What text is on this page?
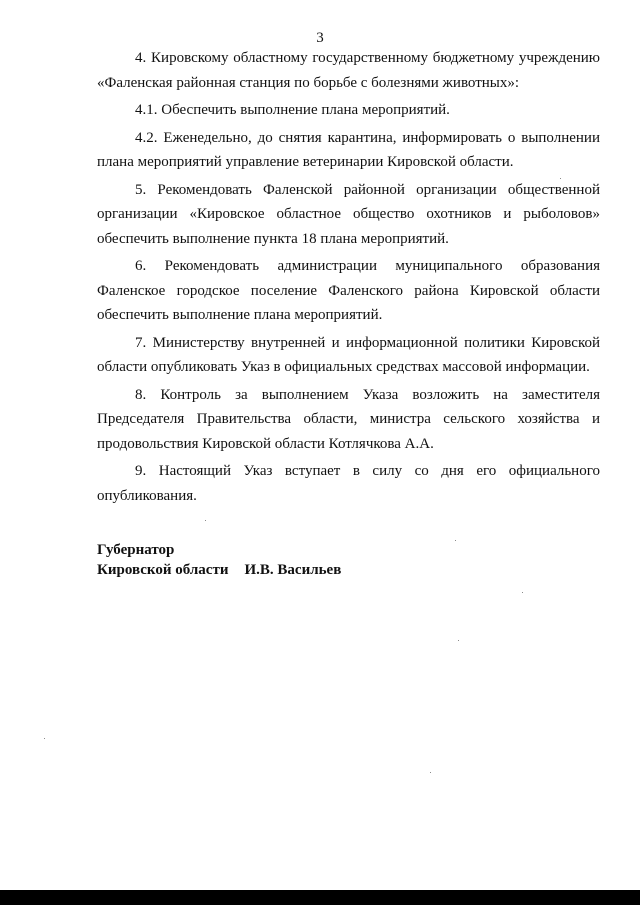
3

4. Кировскому областному государственному бюджетному учреждению «Фаленская районная станция по борьбе с болезнями животных»:

4.1. Обеспечить выполнение плана мероприятий.

4.2. Еженедельно, до снятия карантина, информировать о выполнении плана мероприятий управление ветеринарии Кировской области.

5. Рекомендовать Фаленской районной организации общественной организации «Кировское областное общество охотников и рыболовов» обеспечить выполнение пункта 18 плана мероприятий.

6. Рекомендовать администрации муниципального образования Фаленское городское поселение Фаленского района Кировской области обеспечить выполнение плана мероприятий.

7. Министерству внутренней и информационной политики Кировской области опубликовать Указ в официальных средствах массовой информации.

8. Контроль за выполнением Указа возложить на заместителя Председателя Правительства области, министра сельского хозяйства и продовольствия Кировской области Котлячкова А.А.

9. Настоящий Указ вступает в силу со дня его официального опубликования.

Губернатор
Кировской области И.В. Васильев
